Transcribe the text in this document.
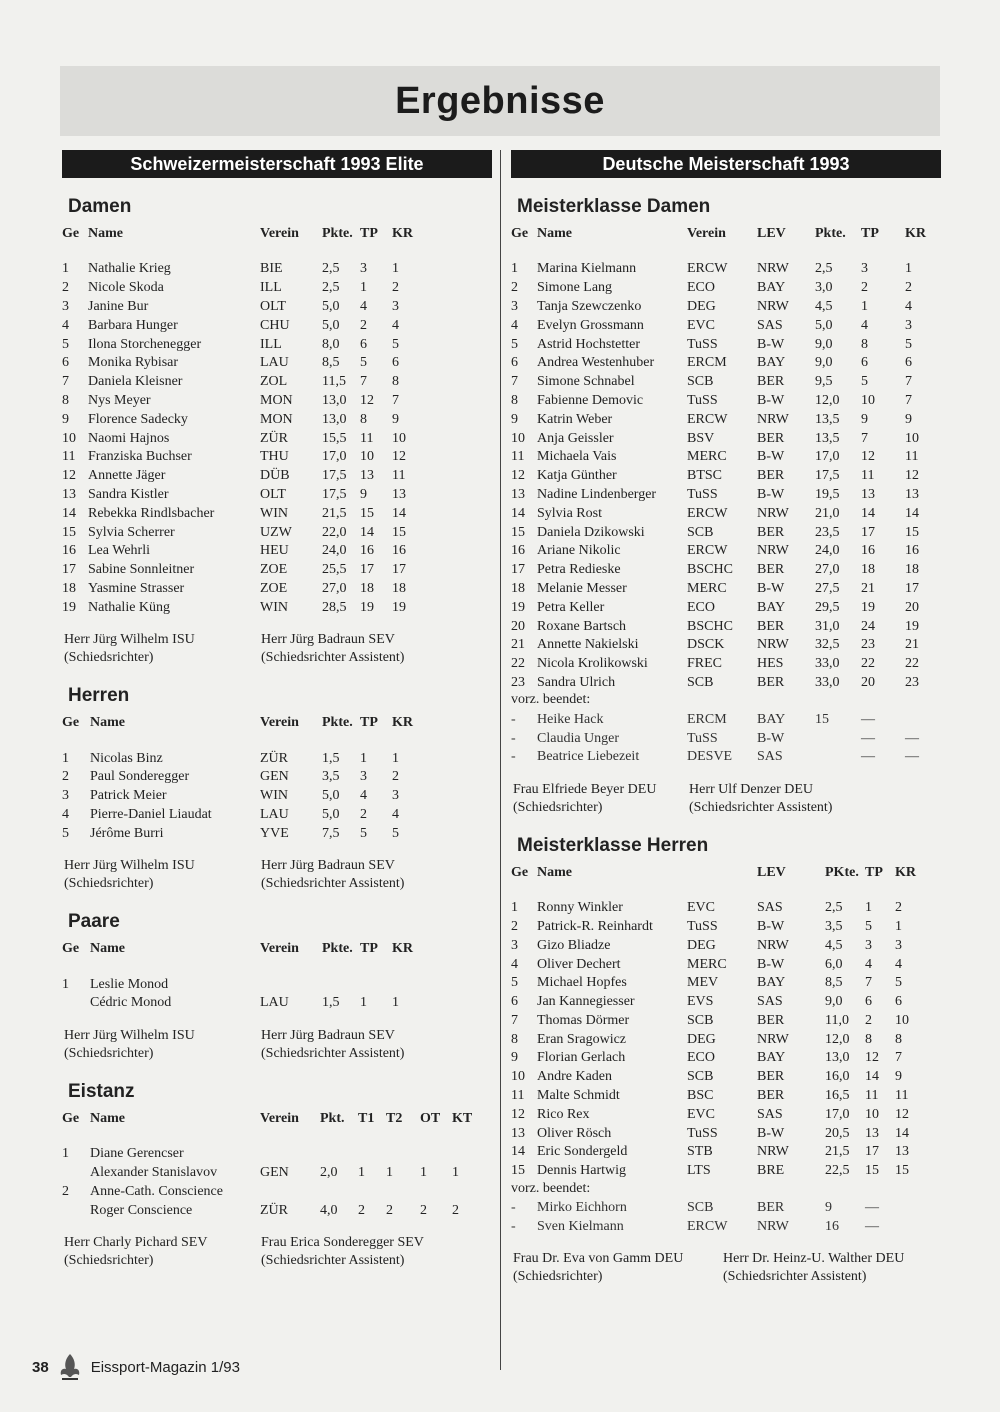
Ergebnisse
Schweizermeisterschaft 1993 Elite
Damen
Ge	Name	Verein	Pkte.	TP	KR

1	Nathalie Krieg	BIE	2,5	3	1
2	Nicole Skoda	ILL	2,5	1	2
3	Janine Bur	OLT	5,0	4	3
4	Barbara Hunger	CHU	5,0	2	4
5	Ilona Storchenegger	ILL	8,0	6	5
6	Monika Rybisar	LAU	8,5	5	6
7	Daniela Kleisner	ZOL	11,5	7	8
8	Nys Meyer	MON	13,0	12	7
9	Florence Sadecky	MON	13,0	8	9
10	Naomi Hajnos	ZÜR	15,5	11	10
11	Franziska Buchser	THU	17,0	10	12
12	Annette Jäger	DÜB	17,5	13	11
13	Sandra Kistler	OLT	17,5	9	13
14	Rebekka Rindlsbacher	WIN	21,5	15	14
15	Sylvia Scherrer	UZW	22,0	14	15
16	Lea Wehrli	HEU	24,0	16	16
17	Sabine Sonnleitner	ZOE	25,5	17	17
18	Yasmine Strasser	ZOE	27,0	18	18
19	Nathalie Küng	WIN	28,5	19	19
Herr Jürg Wilhelm ISU
(Schiedsrichter)
Herr Jürg Badraun SEV
(Schiedsrichter Assistent)
Herren
Ge	Name	Verein	Pkte.	TP	KR

1	Nicolas Binz	ZÜR	1,5	1	1
2	Paul Sonderegger	GEN	3,5	3	2
3	Patrick Meier	WIN	5,0	4	3
4	Pierre-Daniel Liaudat	LAU	5,0	2	4
5	Jérôme Burri	YVE	7,5	5	5
Herr Jürg Wilhelm ISU
(Schiedsrichter)
Herr Jürg Badraun SEV
(Schiedsrichter Assistent)
Paare
Ge	Name	Verein	Pkte.	TP	KR

1	Leslie Monod				
	Cédric Monod	LAU	1,5	1	1
Herr Jürg Wilhelm ISU
(Schiedsrichter)
Herr Jürg Badraun SEV
(Schiedsrichter Assistent)
Eistanz
Ge	Name	Verein	Pkt.	T1	T2	OT	KT

1	Diane Gerencser						
	Alexander Stanislavov	GEN	2,0	1	1	1	1
2	Anne-Cath. Conscience						
	Roger Conscience	ZÜR	4,0	2	2	2	2
Herr Charly Pichard SEV
(Schiedsrichter)
Frau Erica Sonderegger SEV
(Schiedsrichter Assistent)
Deutsche Meisterschaft 1993
Meisterklasse Damen
Ge	Name	Verein	LEV	Pkte.	TP	KR

1	Marina Kielmann	ERCW	NRW	2,5	3	1
2	Simone Lang	ECO	BAY	3,0	2	2
3	Tanja Szewczenko	DEG	NRW	4,5	1	4
4	Evelyn Grossmann	EVC	SAS	5,0	4	3
5	Astrid Hochstetter	TuSS	B-W	9,0	8	5
6	Andrea Westenhuber	ERCM	BAY	9,0	6	6
7	Simone Schnabel	SCB	BER	9,5	5	7
8	Fabienne Demovic	TuSS	B-W	12,0	10	7
9	Katrin Weber	ERCW	NRW	13,5	9	9
10	Anja Geissler	BSV	BER	13,5	7	10
11	Michaela Vais	MERC	B-W	17,0	12	11
12	Katja Günther	BTSC	BER	17,5	11	12
13	Nadine Lindenberger	TuSS	B-W	19,5	13	13
14	Sylvia Rost	ERCW	NRW	21,0	14	14
15	Daniela Dzikowski	SCB	BER	23,5	17	15
16	Ariane Nikolic	ERCW	NRW	24,0	16	16
17	Petra Redieske	BSCHC	BER	27,0	18	18
18	Melanie Messer	MERC	B-W	27,5	21	17
19	Petra Keller	ECO	BAY	29,5	19	20
20	Roxane Bartsch	BSCHC	BER	31,0	24	19
21	Annette Nakielski	DSCK	NRW	32,5	23	21
22	Nicola Krolikowski	FREC	HES	33,0	22	22
23	Sandra Ulrich	SCB	BER	33,0	20	23
vorz. beendet:
-	Heike Hack	ERCM	BAY	15	—	
-	Claudia Unger	TuSS	B-W		—	—
-	Beatrice Liebezeit	DESVE	SAS		—	—
Frau Elfriede Beyer DEU
(Schiedsrichter)
Herr Ulf Denzer DEU
(Schiedsrichter Assistent)
Meisterklasse Herren
Ge	Name		LEV	PKte.	TP	KR

1	Ronny Winkler	EVC	SAS	2,5	1	2
2	Patrick-R. Reinhardt	TuSS	B-W	3,5	5	1
3	Gizo Bliadze	DEG	NRW	4,5	3	3
4	Oliver Dechert	MERC	B-W	6,0	4	4
5	Michael Hopfes	MEV	BAY	8,5	7	5
6	Jan Kannegiesser	EVS	SAS	9,0	6	6
7	Thomas Dörmer	SCB	BER	11,0	2	10
8	Eran Sragowicz	DEG	NRW	12,0	8	8
9	Florian Gerlach	ECO	BAY	13,0	12	7
10	Andre Kaden	SCB	BER	16,0	14	9
11	Malte Schmidt	BSC	BER	16,5	11	11
12	Rico Rex	EVC	SAS	17,0	10	12
13	Oliver Rösch	TuSS	B-W	20,5	13	14
14	Eric Sondergeld	STB	NRW	21,5	17	13
15	Dennis Hartwig	LTS	BRE	22,5	15	15
vorz. beendet:
-	Mirko Eichhorn	SCB	BER	9	—	
-	Sven Kielmann	ERCW	NRW	16	—	
Frau Dr. Eva von Gamm DEU
(Schiedsrichter)
Herr Dr. Heinz-U. Walther DEU
(Schiedsrichter Assistent)
38	Eissport-Magazin 1/93
